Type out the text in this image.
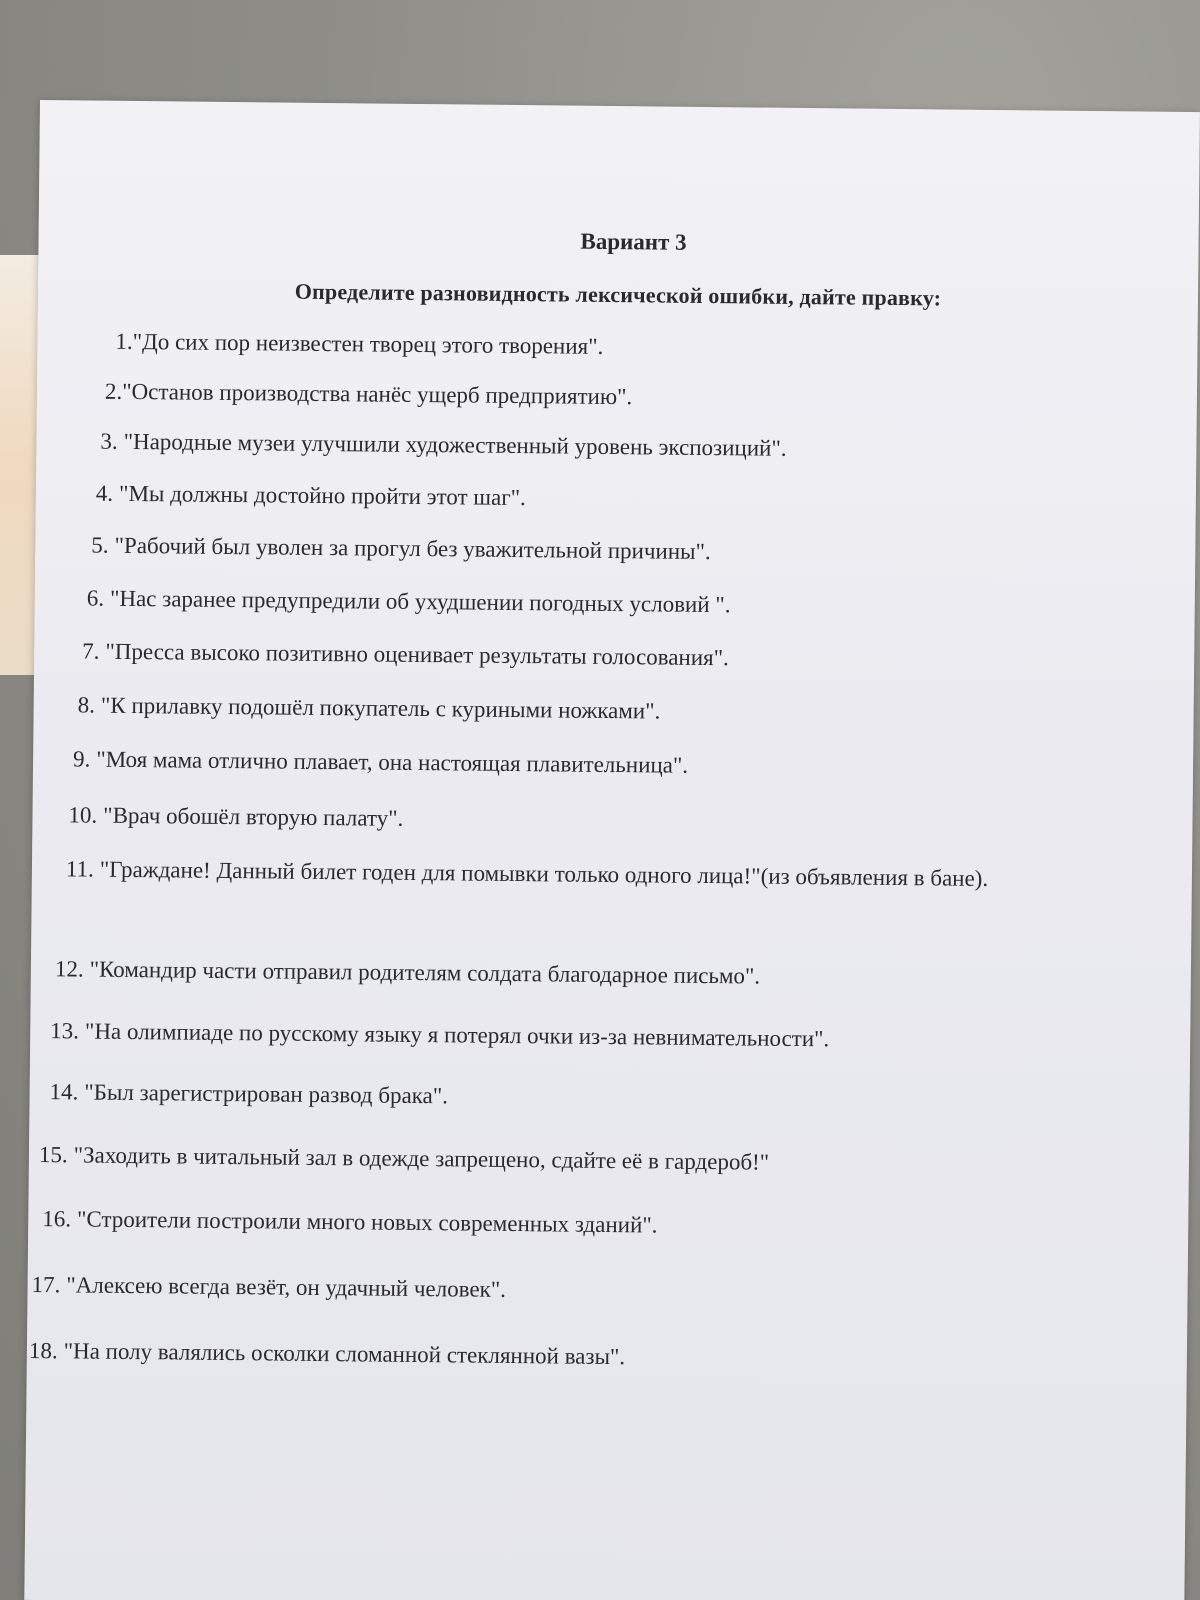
Вариант 3
Определите разновидность лексической ошибки, дайте правку:
1."До сих пор неизвестен творец этого творения".
2."Останов производства нанёс ущерб предприятию".
3. "Народные музеи улучшили художественный уровень экспозиций".
4. "Мы должны достойно пройти этот шаг".
5. "Рабочий был уволен за прогул без уважительной причины".
6. "Нас заранее предупредили об ухудшении погодных условий ".
7. "Пресса высоко позитивно оценивает результаты голосования".
8. "К прилавку подошёл покупатель с куриными ножками".
9. "Моя мама отлично плавает, она настоящая плавительница".
10. "Врач обошёл вторую палату".
11. "Граждане! Данный билет годен для помывки только одного лица!"(из объявления в бане).
12. "Командир части отправил родителям солдата благодарное письмо".
13. "На олимпиаде по русскому языку я потерял очки из-за невнимательности".
14. "Был зарегистрирован развод брака".
15. "Заходить в читальный зал в одежде запрещено, сдайте её в гардероб!"
16. "Строители построили много новых современных зданий".
17. "Алексею всегда везёт, он удачный человек".
18. "На полу валялись осколки сломанной стеклянной вазы".
